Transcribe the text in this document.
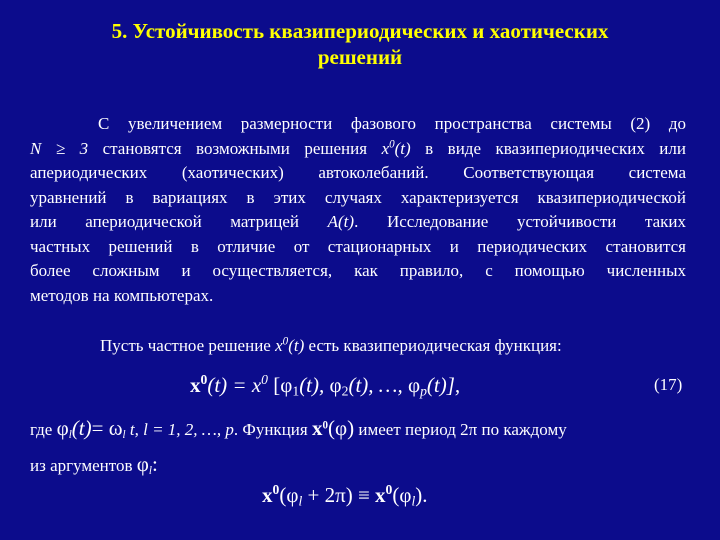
5. Устойчивость квазипериодических и хаотических
решений
С увеличением размерности фазового пространства системы (2) до
N ≥ 3 становятся возможными решения $x^0(t)$ в виде квазипериодических или
апериодических (хаотических) автоколебаний. Соответствующая система
уравнений в вариациях в этих случаях характеризуется квазипериодической
или апериодической матрицей A(t). Исследование устойчивости таких
частных решений в отличие от стационарных и периодических становится
более сложным и осуществляется, как правило, с помощью численных
методов на компьютерах.
Пусть частное решение $x^0(t)$ есть квазипериодическая функция:
$x^0(t) = x^0$ [$\varphi_1(t)$, $\varphi_2(t)$, …, $\varphi_p(t)$],	(17)
где $\varphi_l(t)= \omega_l$ t, l = 1, 2, …, p. Функция $x^0(\varphi)$ имеет период 2π по каждому
из аргументов $\varphi_l$:
$x^0(\varphi_l + 2\pi) \equiv x^0(\varphi_l)$.
